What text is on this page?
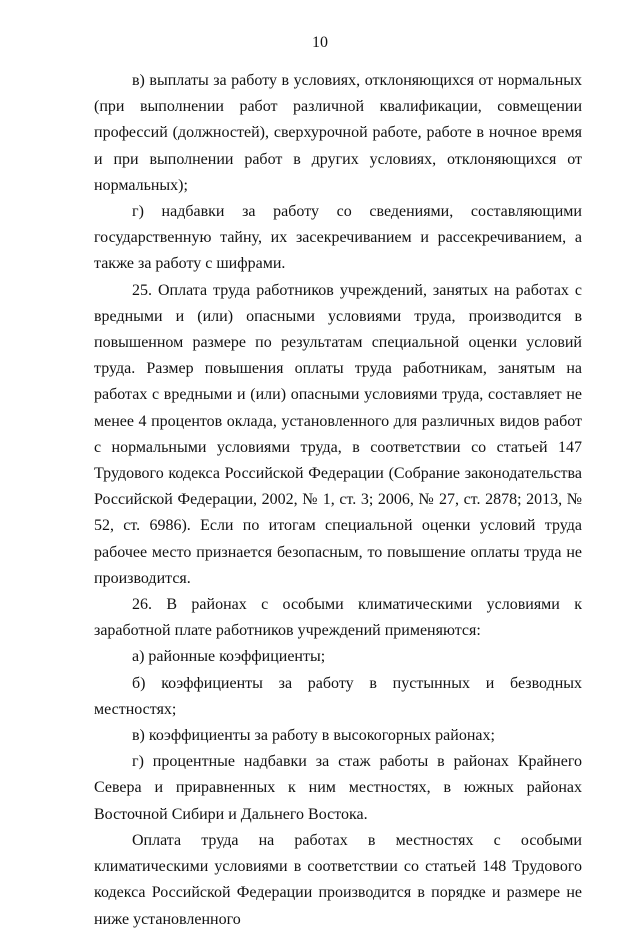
10

в) выплаты за работу в условиях, отклоняющихся от нормальных (при выполнении работ различной квалификации, совмещении профессий (должностей), сверхурочной работе, работе в ночное время и при выполнении работ в других условиях, отклоняющихся от нормальных);

г) надбавки за работу со сведениями, составляющими государственную тайну, их засекречиванием и рассекречиванием, а также за работу с шифрами.

25. Оплата труда работников учреждений, занятых на работах с вредными и (или) опасными условиями труда, производится в повышенном размере по результатам специальной оценки условий труда. Размер повышения оплаты труда работникам, занятым на работах с вредными и (или) опасными условиями труда, составляет не менее 4 процентов оклада, установленного для различных видов работ с нормальными условиями труда, в соответствии со статьей 147 Трудового кодекса Российской Федерации (Собрание законодательства Российской Федерации, 2002, № 1, ст. 3; 2006, № 27, ст. 2878; 2013, № 52, ст. 6986). Если по итогам специальной оценки условий труда рабочее место признается безопасным, то повышение оплаты труда не производится.

26. В районах с особыми климатическими условиями к заработной плате работников учреждений применяются:

а) районные коэффициенты;

б) коэффициенты за работу в пустынных и безводных местностях;

в) коэффициенты за работу в высокогорных районах;

г) процентные надбавки за стаж работы в районах Крайнего Севера и приравненных к ним местностях, в южных районах Восточной Сибири и Дальнего Востока.

Оплата труда на работах в местностях с особыми климатическими условиями в соответствии со статьей 148 Трудового кодекса Российской Федерации производится в порядке и размере не ниже установленного
